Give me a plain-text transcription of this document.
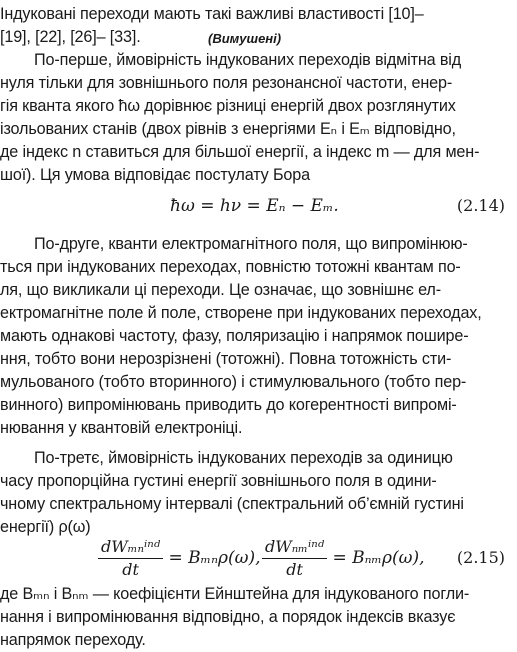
Індуковані переходи мають такі важливі властивості [10]–
[19], [22], [26]– [33].	(Вимушені)
По-перше, ймовірність індукованих переходів відмітна від
нуля тільки для зовнішнього поля резонансної частоти, енер-
гія кванта якого ħω дорівнює різниці енергій двох розглянутих
ізольованих станів (двох рівнів з енергіями Eₙ і Eₘ відповідно,
де індекс n ставиться для більшої енергії, а індекс m — для мен-
шої). Ця умова відповідає постулату Бора
ħω = hν = Eₙ − Eₘ.	(2.14)
По-друге, кванти електромагнітного поля, що випромінюю-
ться при індукованих переходах, повністю тотожні квантам по-
ля, що викликали ці переходи. Це означає, що зовнішнє ел-
ектромагнітне поле й поле, створене при індукованих переходах,
мають однакові частоту, фазу, поляризацію і напрямок пошире-
ння, тобто вони нерозрізнені (тотожні). Повна тотожність сти-
мульованого (тобто вторинного) і стимулювального (тобто пер-
винного) випромінювань приводить до когерентності випромі-
нювання у квантовій електроніці.
По-третє, ймовірність індукованих переходів за одиницю
часу пропорційна густині енергії зовнішнього поля в одини-
чному спектральному інтервалі (спектральний об’ємній густині
енергії) ρ(ω)
$\frac{\text{dWₘₙⁱⁿᵈ}}{dt} = B_{mn}\rho(\omega)$, $\frac{\text{dWₙₘⁱⁿᵈ}}{dt} = B_{nm}\rho(\omega)$, (2.15)
де Bₘₙ і Bₙₘ — коефіцієнти Ейнштейна для індукованого погли-
нання і випромінювання відповідно, а порядок індексів вказує
напрямок переходу.
